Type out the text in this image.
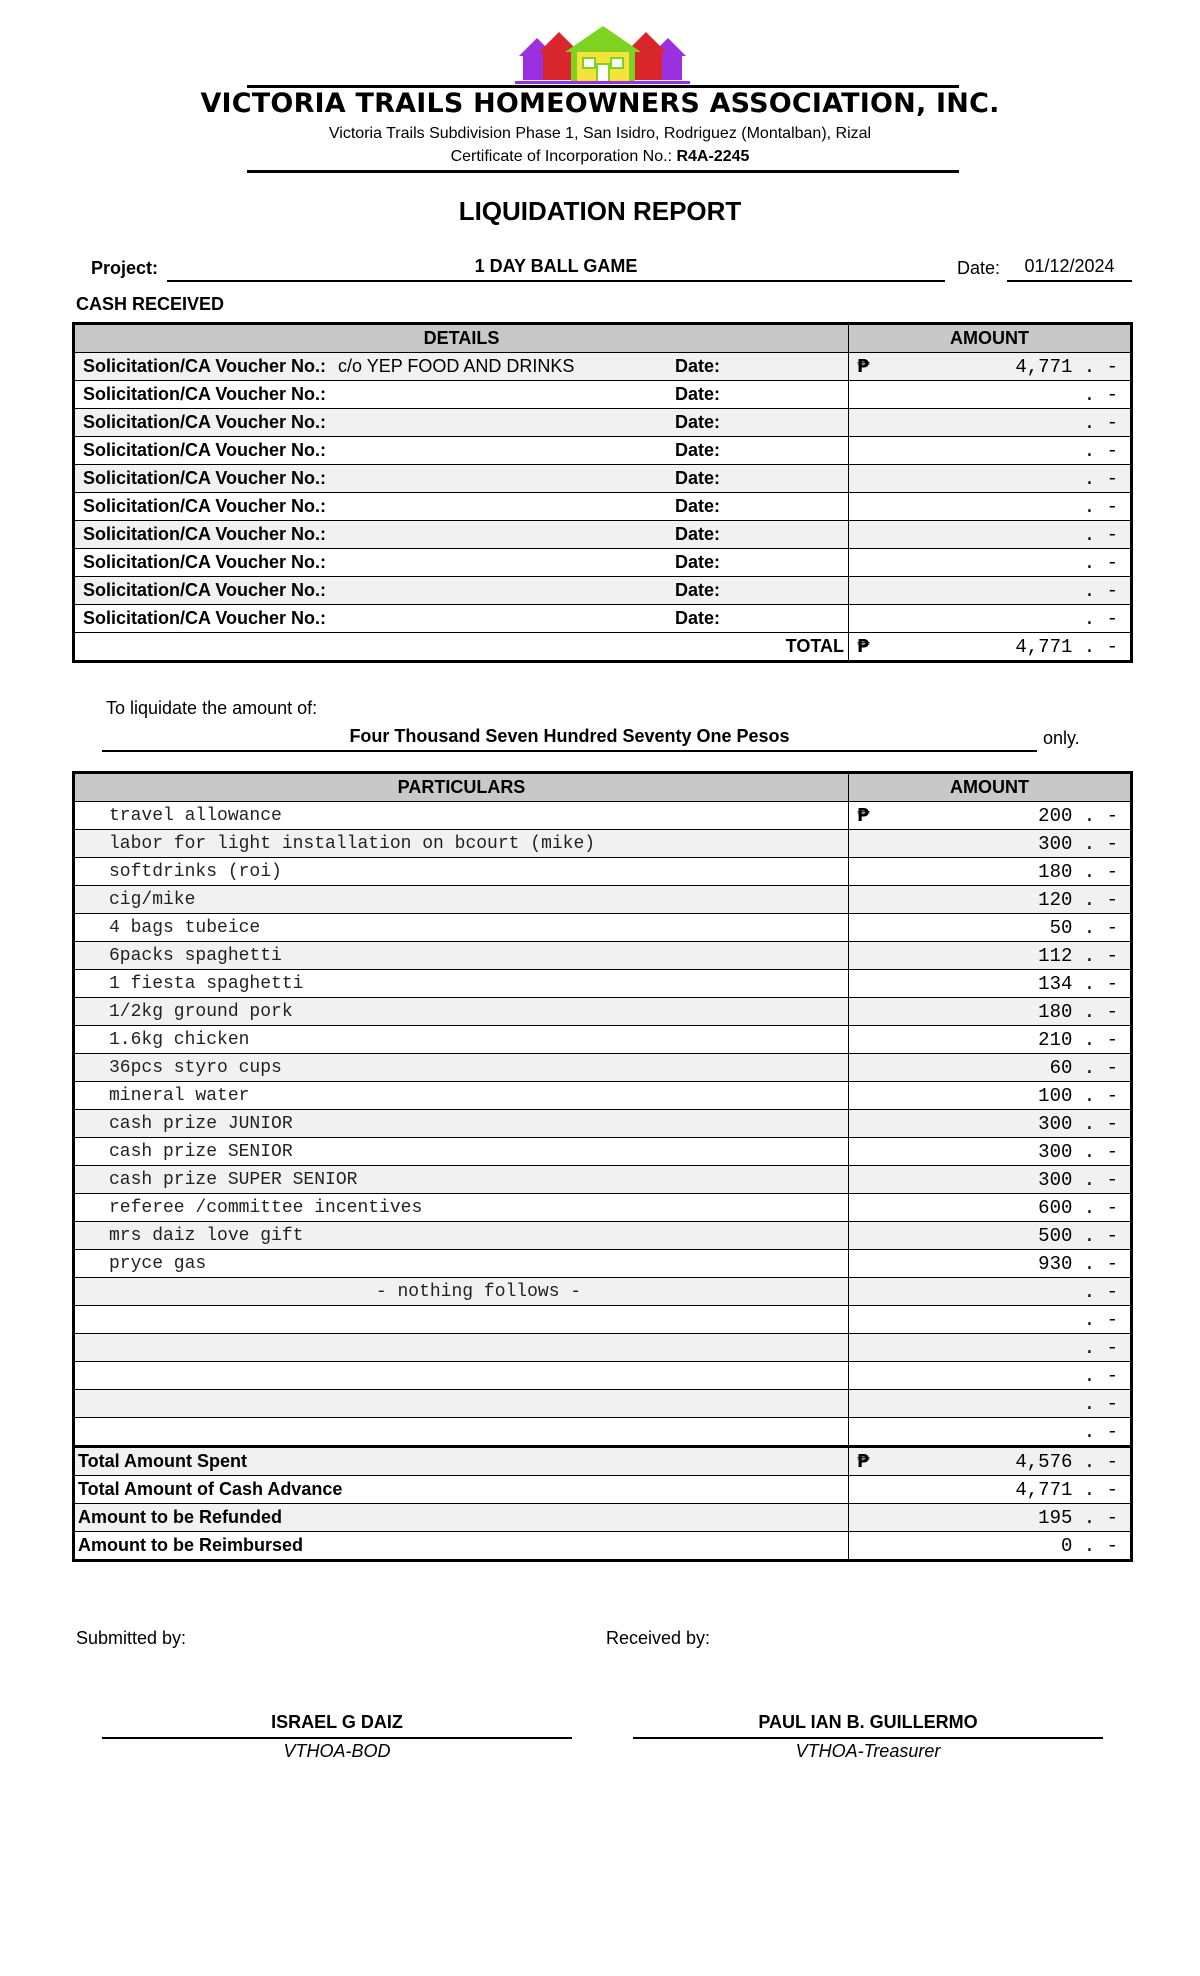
VICTORIA TRAILS HOMEOWNERS ASSOCIATION, INC.
Victoria Trails Subdivision Phase 1, San Isidro, Rodriguez (Montalban), Rizal
Certificate of Incorporation No.: R4A-2245
LIQUIDATION REPORT
Project:	1 DAY BALL GAME	Date:	01/12/2024
CASH RECEIVED
DETAILS	AMOUNT
Solicitation/CA Voucher No.: c/o YEP FOOD AND DRINKS Date:	₱ 4,771 . -

Solicitation/CA Voucher No.: Date:	. -

Solicitation/CA Voucher No.: Date:	. -

Solicitation/CA Voucher No.: Date:	. -

Solicitation/CA Voucher No.: Date:	. -

Solicitation/CA Voucher No.: Date:	. -

Solicitation/CA Voucher No.: Date:	. -

Solicitation/CA Voucher No.: Date:	. -

Solicitation/CA Voucher No.: Date:	. -

Solicitation/CA Voucher No.: Date:	. -

TOTAL	₱ 4,771 . -
To liquidate the amount of:
Four Thousand Seven Hundred Seventy One Pesos	only.
PARTICULARS	AMOUNT
travel allowance	₱ 200 . -

labor for light installation on bcourt (mike)	300 . -

softdrinks (roi)	180 . -

cig/mike	120 . -

4 bags tubeice	50 . -

6packs spaghetti	112 . -

1 fiesta spaghetti	134 . -

1/2kg ground pork	180 . -

1.6kg chicken	210 . -

36pcs styro cups	60 . -

mineral water	100 . -

cash prize JUNIOR	300 . -

cash prize SENIOR	300 . -

cash prize SUPER SENIOR	300 . -

referee /committee incentives	600 . -

mrs daiz love gift	500 . -

pryce gas	930 . -

- nothing follows -	. -

	. -

	. -

	. -

	. -

	. -

Total Amount Spent	₱ 4,576 . -

Total Amount of Cash Advance	4,771 . -

Amount to be Refunded	195 . -

Amount to be Reimbursed	0 . -
Submitted by:	Received by:
ISRAEL G DAIZ
VTHOA-BOD
PAUL IAN B. GUILLERMO
VTHOA-Treasurer
